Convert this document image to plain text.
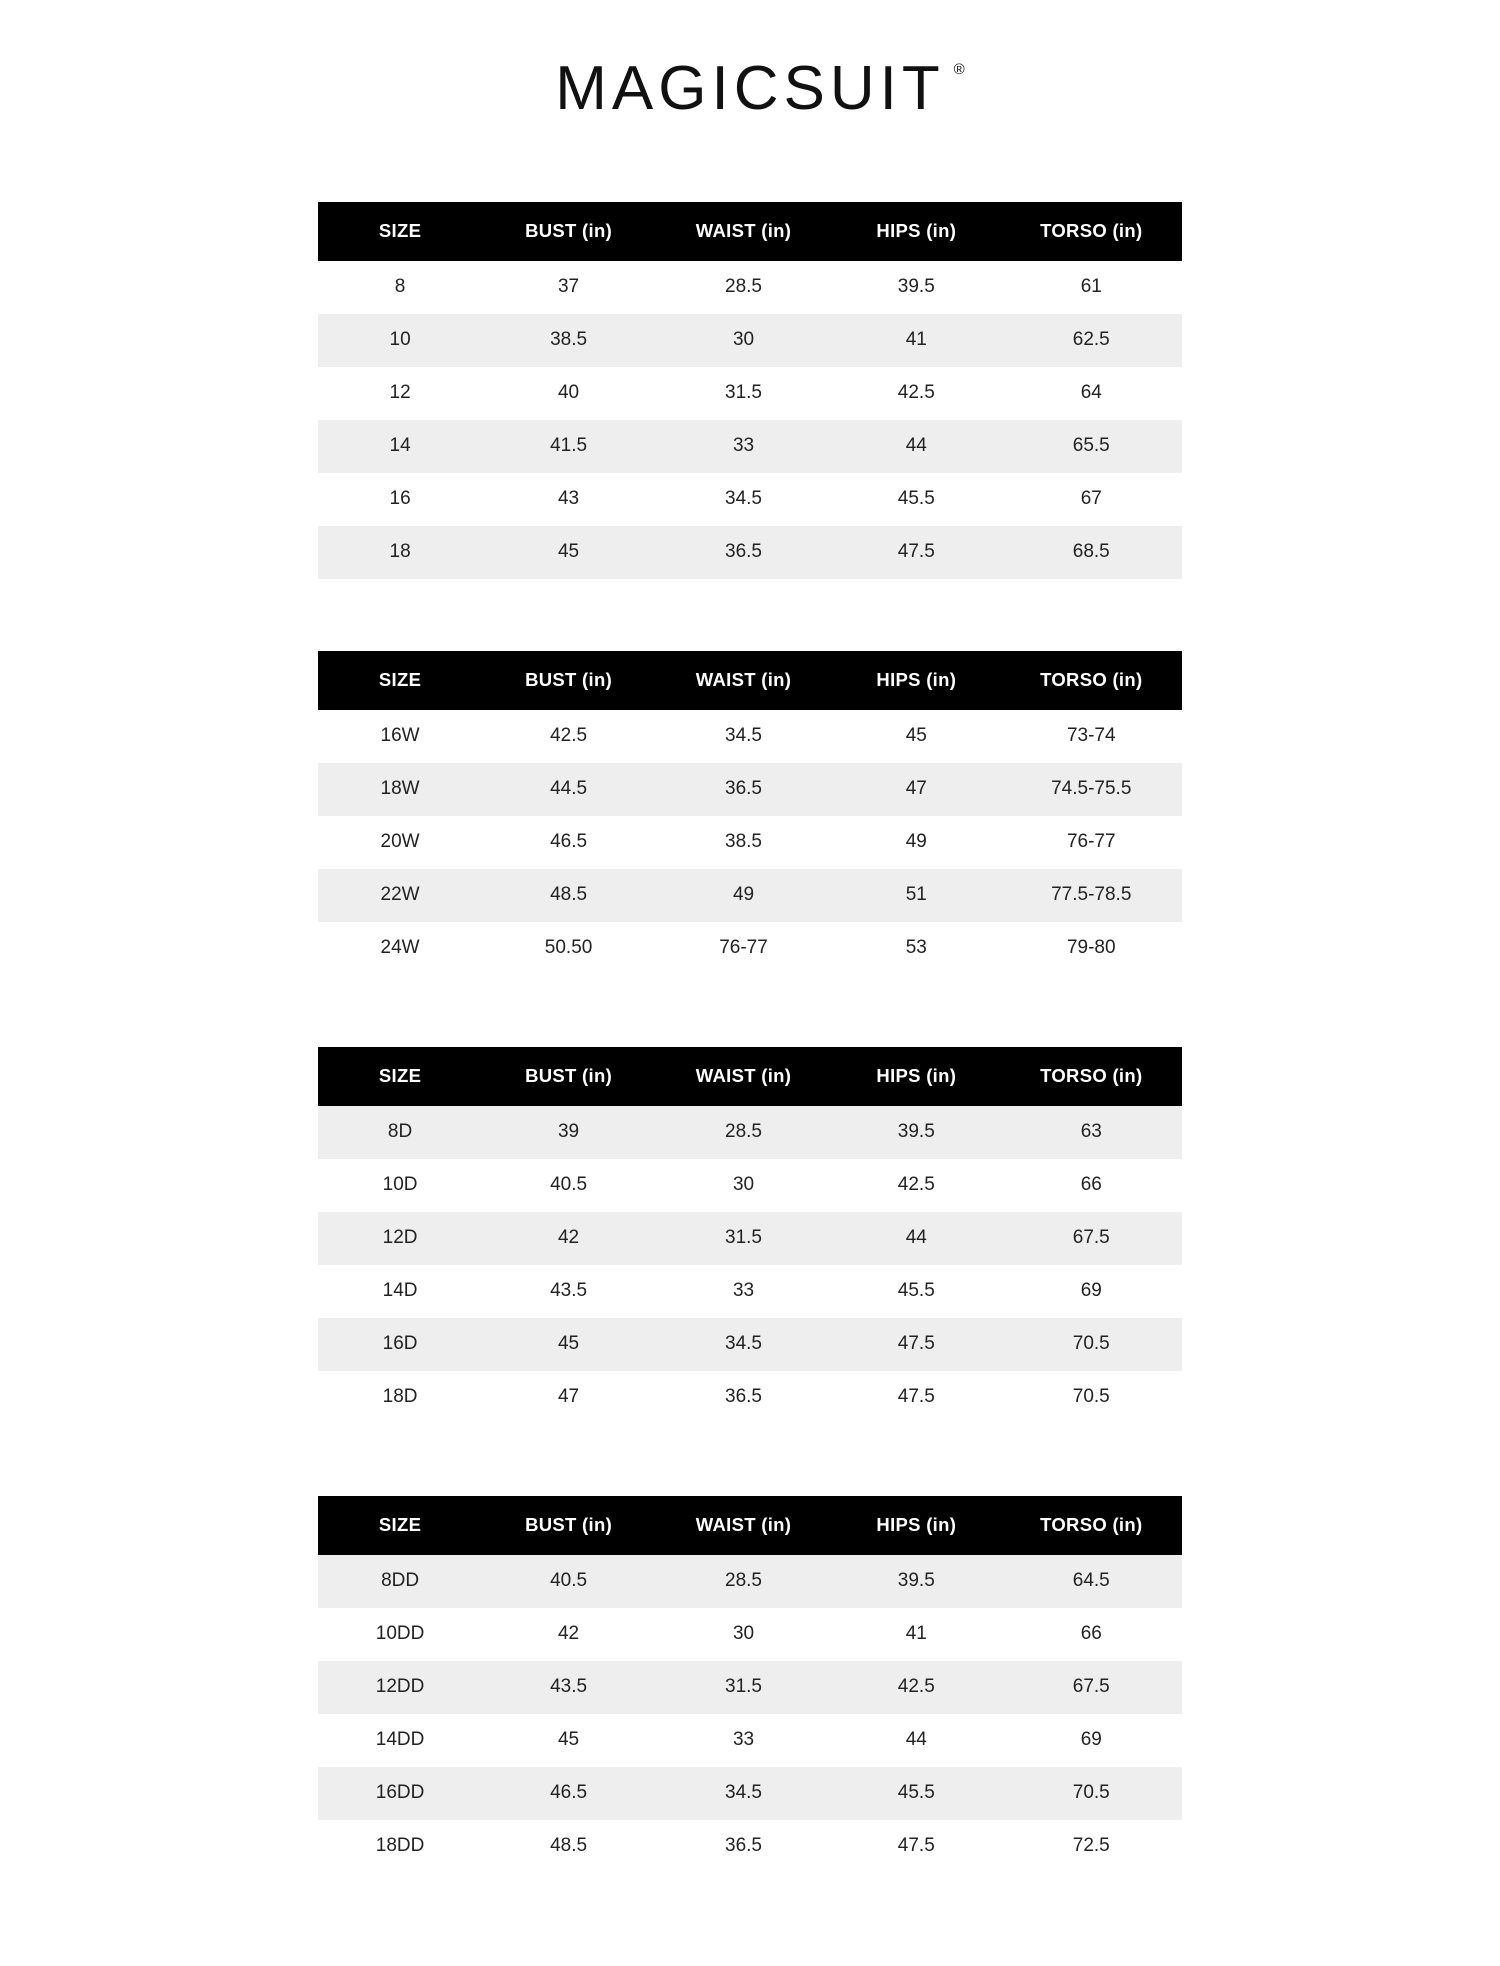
MAGICSUIT ®
SIZE	BUST (in)	WAIST (in)	HIPS (in)	TORSO (in)
8	37	28.5	39.5	61
10	38.5	30	41	62.5
12	40	31.5	42.5	64
14	41.5	33	44	65.5
16	43	34.5	45.5	67
18	45	36.5	47.5	68.5
SIZE	BUST (in)	WAIST (in)	HIPS (in)	TORSO (in)
16W	42.5	34.5	45	73-74
18W	44.5	36.5	47	74.5-75.5
20W	46.5	38.5	49	76-77
22W	48.5	49	51	77.5-78.5
24W	50.50	76-77	53	79-80
SIZE	BUST (in)	WAIST (in)	HIPS (in)	TORSO (in)
8D	39	28.5	39.5	63
10D	40.5	30	42.5	66
12D	42	31.5	44	67.5
14D	43.5	33	45.5	69
16D	45	34.5	47.5	70.5
18D	47	36.5	47.5	70.5
SIZE	BUST (in)	WAIST (in)	HIPS (in)	TORSO (in)
8DD	40.5	28.5	39.5	64.5
10DD	42	30	41	66
12DD	43.5	31.5	42.5	67.5
14DD	45	33	44	69
16DD	46.5	34.5	45.5	70.5
18DD	48.5	36.5	47.5	72.5
